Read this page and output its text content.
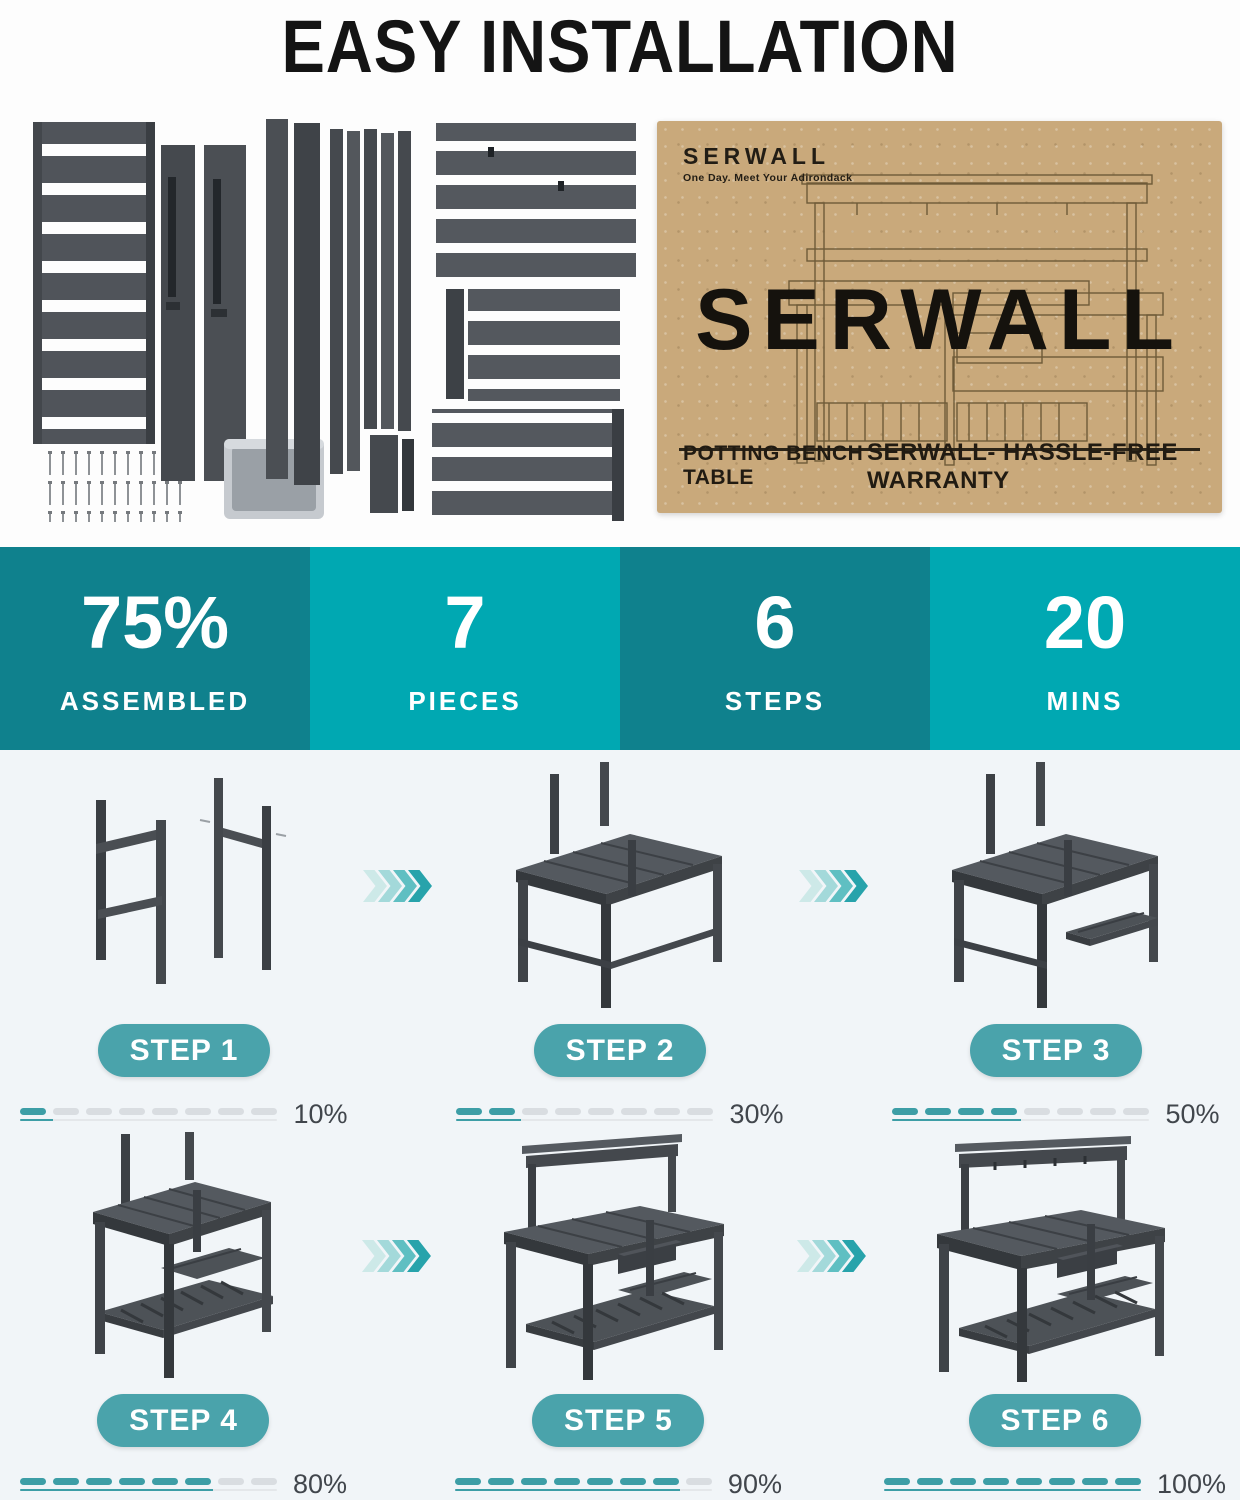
EASY INSTALLATION
SERWALL
One Day. Meet Your Adirondack
SERWALL
POTTING BENCH TABLE
SERWALL- HASSLE-FREE WARRANTY
75%
ASSEMBLED
7
PIECES
6
STEPS
20
MINS
STEP 1
10%
STEP 2
30%
STEP 3
50%
STEP 4
80%
STEP 5
90%
STEP 6
100%
